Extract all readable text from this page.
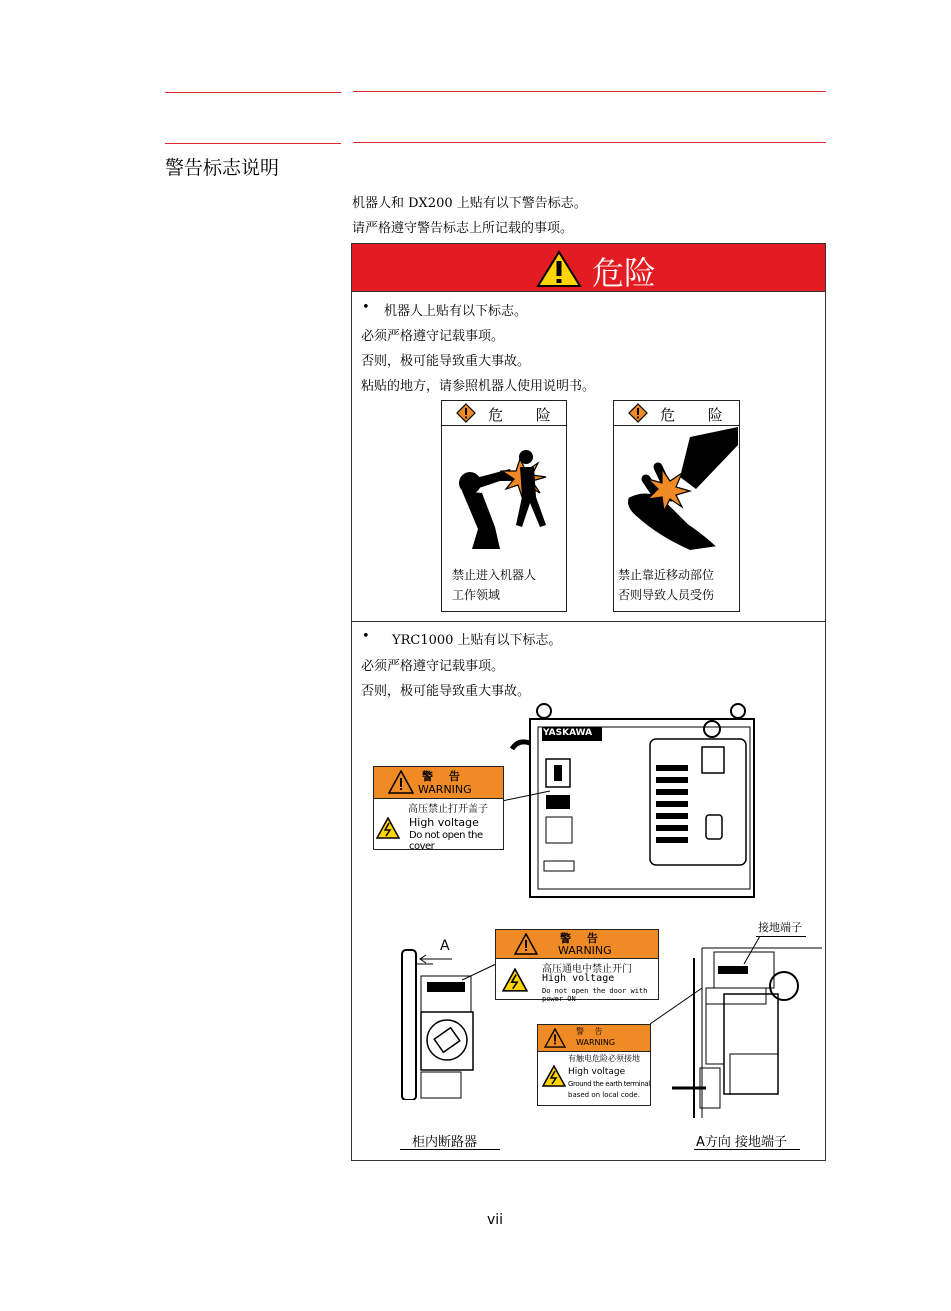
警告标志说明
机器人和 DX200 上贴有以下警告标志。
请严格遵守警告标志上所记载的事项。
危险
• 机器人上贴有以下标志。
必须严格遵守记载事项。
否则，极可能导致重大事故。
粘贴的地方，请参照机器人使用说明书。
危 险
禁止进入机器人
工作领域
危 险
禁止靠近移动部位
否则导致人员受伤
• YRC1000 上贴有以下标志。
必须严格遵守记载事项。
否则，极可能导致重大事故。
YASKAWA
警 告
WARNING
高压禁止打开盖子
High voltage
Do not open the cover
A	警 告
WARNING
高压通电中禁止开门
High voltage
Do not open the door with power ON
接地端子
警 告
WARNING
有触电危险必须接地
High voltage
Ground the earth terminal
based on local code.
柜内断路器	A方向 接地端子
vii
